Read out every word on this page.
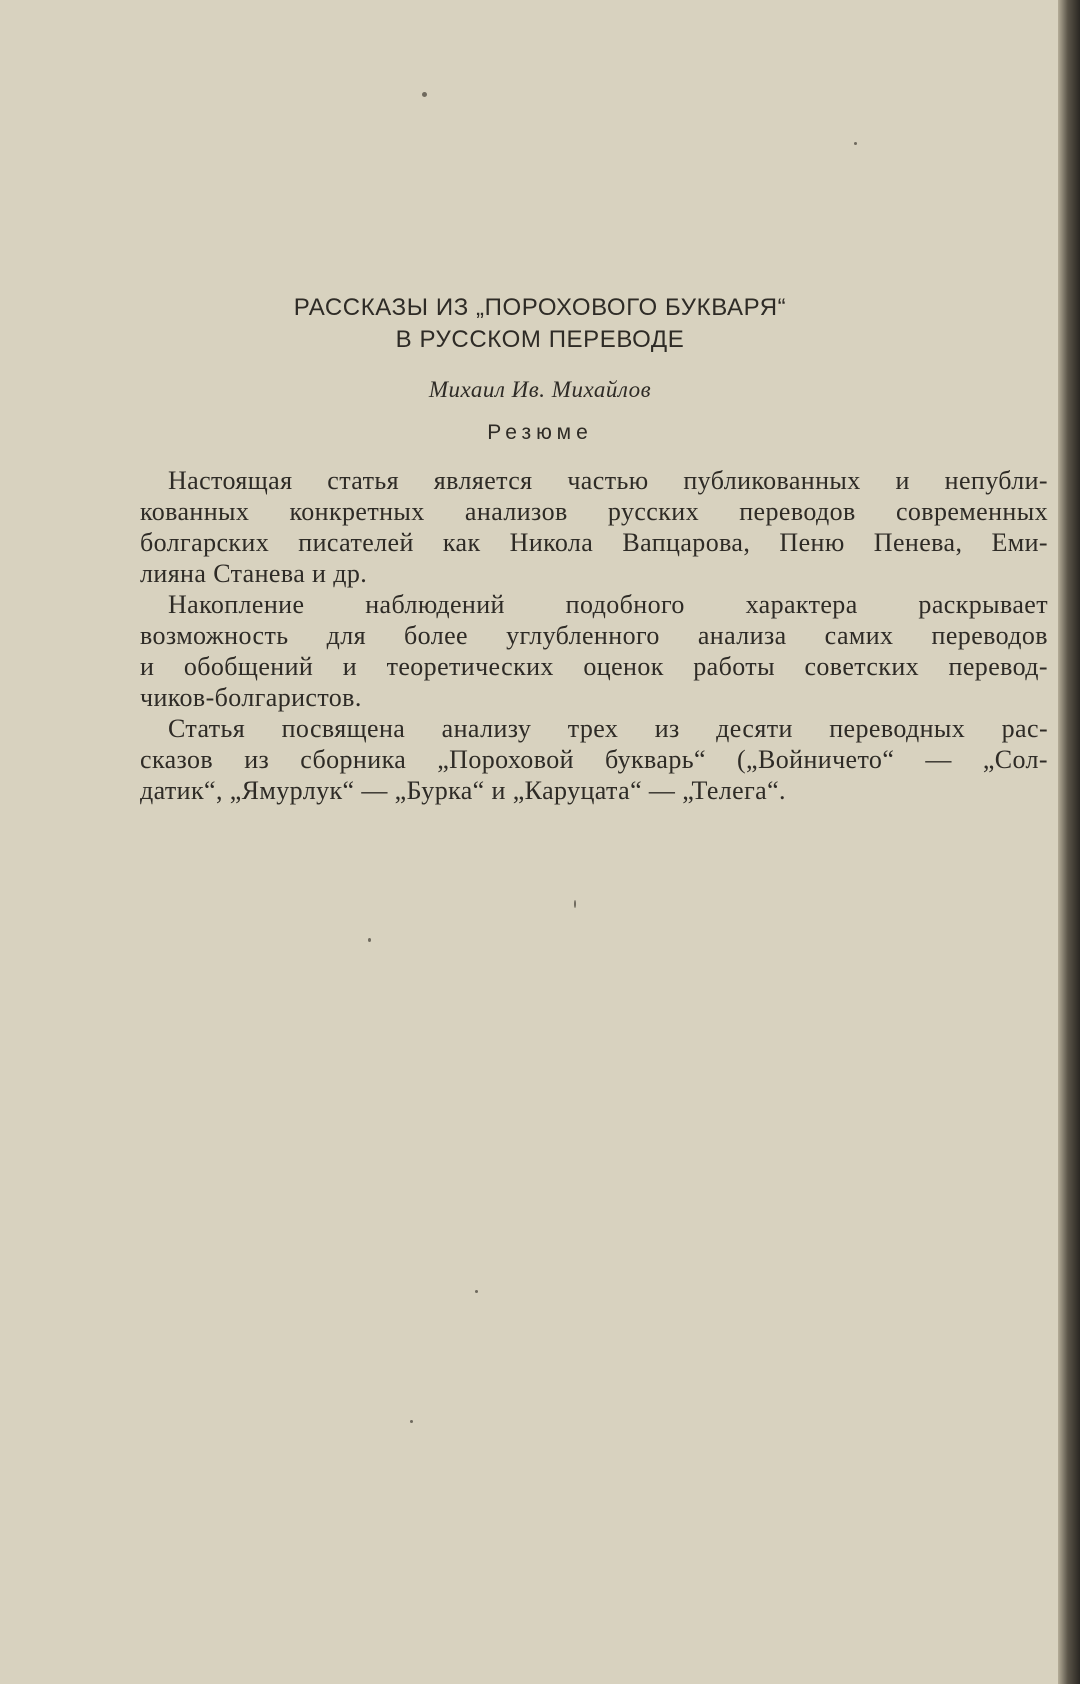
РАССКАЗЫ ИЗ „ПОРОХОВОГО БУКВАРЯ“

В РУССКОМ ПЕРЕВОДЕ

Михаил Ив. Михайлов
Резюме
Настоящая статья является частью публикованных и непубли-
кованных конкретных анализов русских переводов современных
болгарских писателей как Никола Вапцарова, Пеню Пенева, Еми-
лияна Станева и др.
Накопление наблюдений подобного характера раскрывает
возможность для более углубленного анализа самих переводов
и обобщений и теоретических оценок работы советских перевод-
чиков-болгаристов.
Статья посвящена анализу трех из десяти переводных рас-
сказов из сборника „Пороховой букварь“ („Войничето“ — „Сол-
датик“, „Ямурлук“ — „Бурка“ и „Каруцата“ — „Телега“.
